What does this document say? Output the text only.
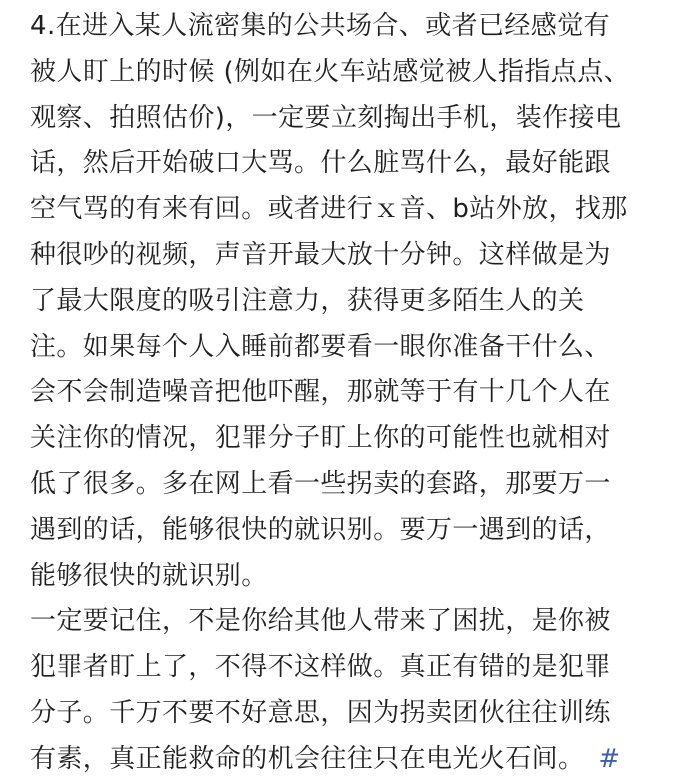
4.在进入某人流密集的公共场合、或者已经感觉有
被人盯上的时候 (例如在火车站感觉被人指指点点、
观察、拍照估价)，一定要立刻掏出手机，装作接电
话，然后开始破口大骂。什么脏骂什么，最好能跟
空气骂的有来有回。或者进行ｘ音、b站外放，找那
种很吵的视频，声音开最大放十分钟。这样做是为
了最大限度的吸引注意力，获得更多陌生人的关
注。如果每个人入睡前都要看一眼你准备干什么、
会不会制造噪音把他吓醒，那就等于有十几个人在
关注你的情况，犯罪分子盯上你的可能性也就相对
低了很多。多在网上看一些拐卖的套路，那要万一
遇到的话，能够很快的就识别。要万一遇到的话，
能够很快的就识别。
一定要记住，不是你给其他人带来了困扰，是你被
犯罪者盯上了，不得不这样做。真正有错的是犯罪
分子。千万不要不好意思，因为拐卖团伙往往训练
有素，真正能救命的机会往往只在电光火石间。 #
